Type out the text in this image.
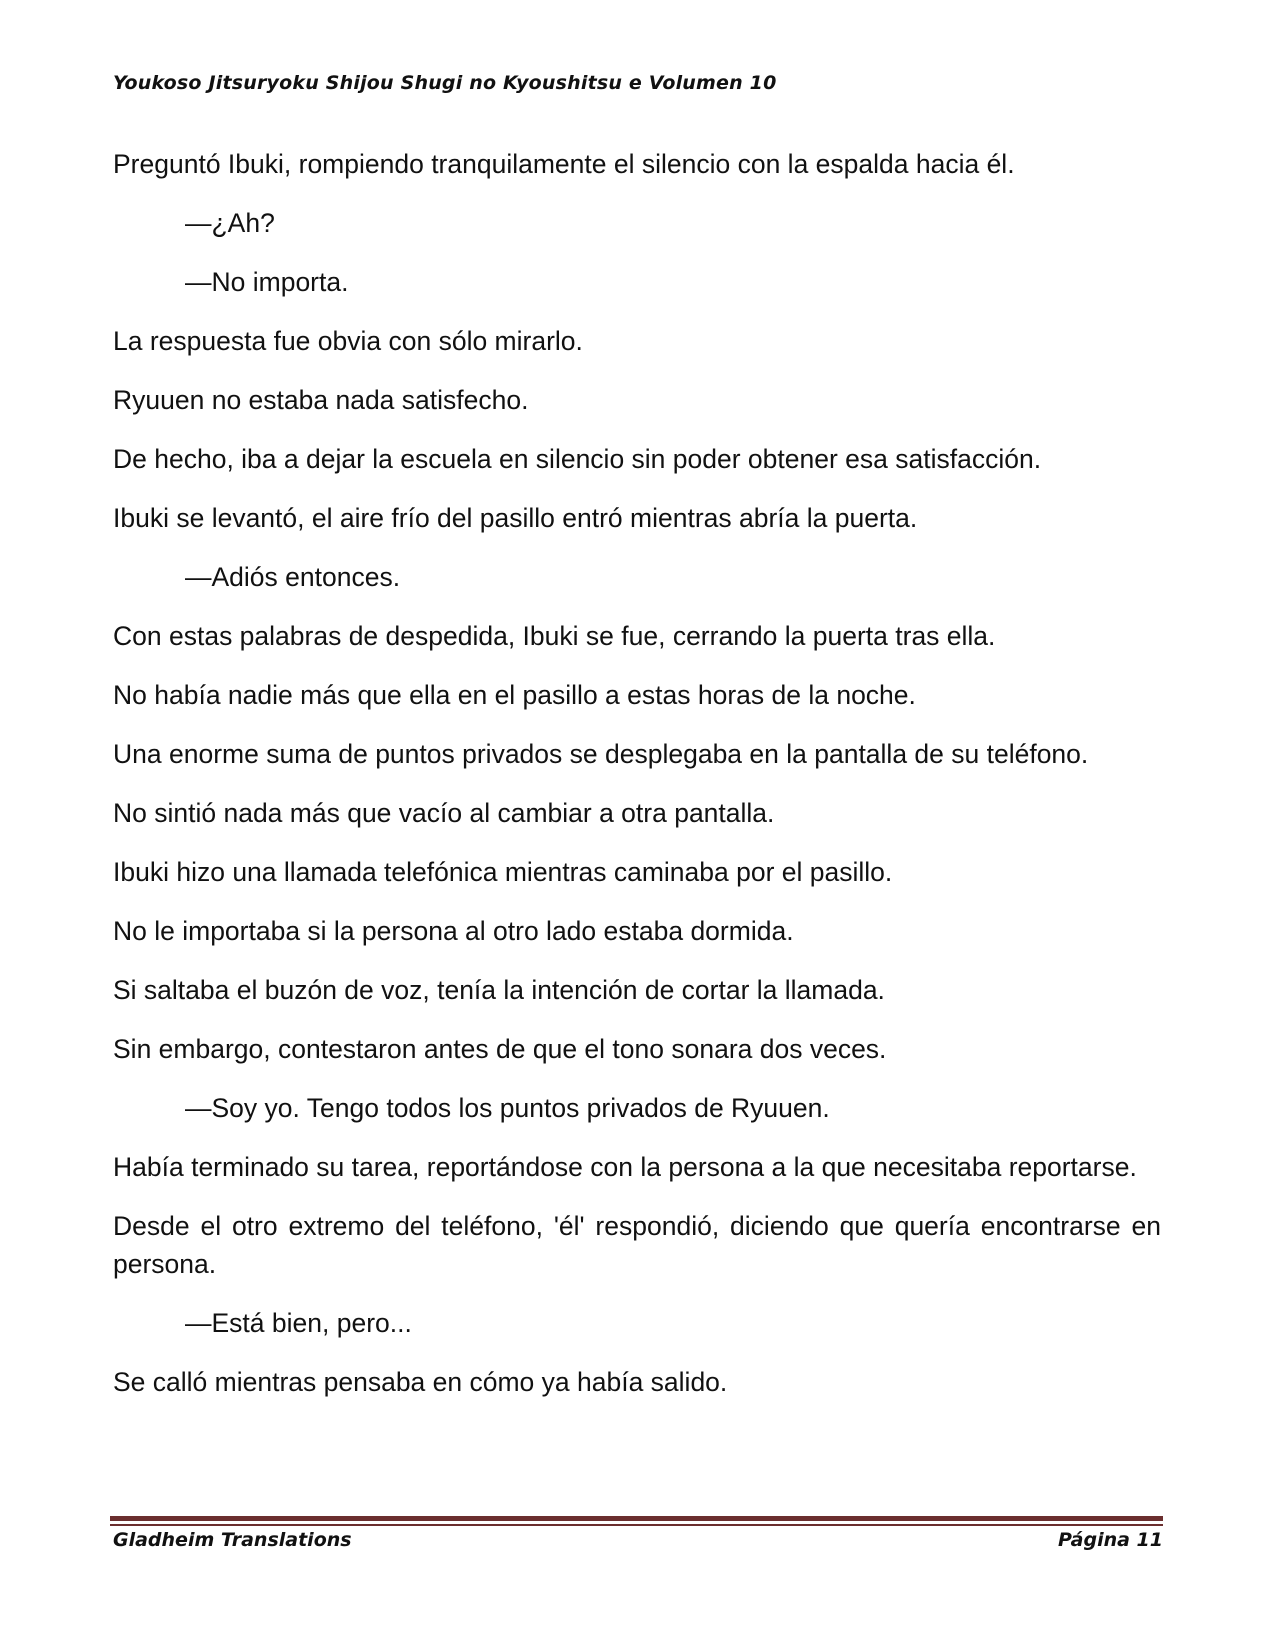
Youkoso Jitsuryoku Shijou Shugi no Kyoushitsu e Volumen 10

Preguntó Ibuki, rompiendo tranquilamente el silencio con la espalda hacia él.

—¿Ah?

—No importa.

La respuesta fue obvia con sólo mirarlo.

Ryuuen no estaba nada satisfecho.

De hecho, iba a dejar la escuela en silencio sin poder obtener esa satisfacción.

Ibuki se levantó, el aire frío del pasillo entró mientras abría la puerta.

—Adiós entonces.

Con estas palabras de despedida, Ibuki se fue, cerrando la puerta tras ella.

No había nadie más que ella en el pasillo a estas horas de la noche.

Una enorme suma de puntos privados se desplegaba en la pantalla de su teléfono.

No sintió nada más que vacío al cambiar a otra pantalla.

Ibuki hizo una llamada telefónica mientras caminaba por el pasillo.

No le importaba si la persona al otro lado estaba dormida.

Si saltaba el buzón de voz, tenía la intención de cortar la llamada.

Sin embargo, contestaron antes de que el tono sonara dos veces.

—Soy yo. Tengo todos los puntos privados de Ryuuen.

Había terminado su tarea, reportándose con la persona a la que necesitaba reportarse.

Desde el otro extremo del teléfono, 'él' respondió, diciendo que quería encontrarse en persona.

—Está bien, pero...

Se calló mientras pensaba en cómo ya había salido.

Gladheim Translations	Página 11
